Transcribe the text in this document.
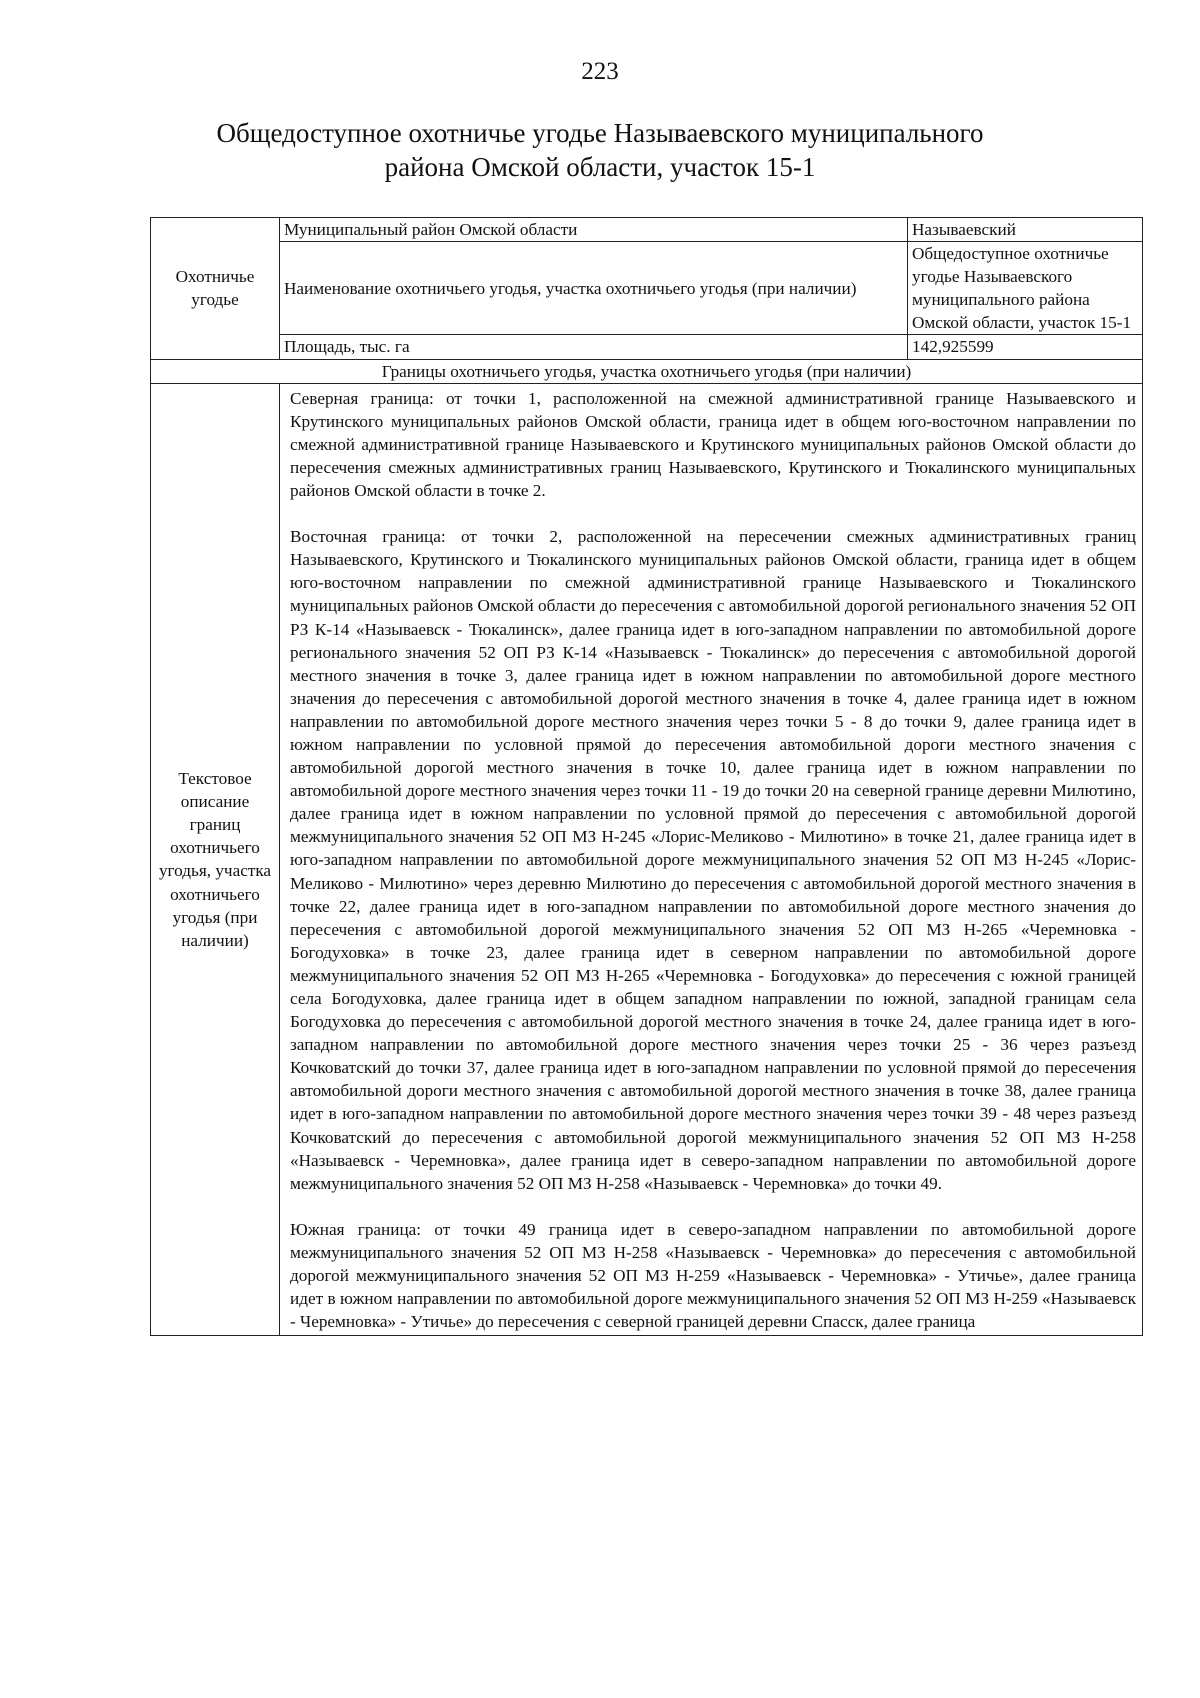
223
Общедоступное охотничье угодье Называевского муниципального
района Омской области, участок 15-1
Охотничье угодье	Муниципальный район Омской области	Называевский
	Наименование охотничьего угодья, участка охотничьего угодья (при наличии)	Общедоступное охотничье угодье Называевского муниципального района Омской области, участок 15-1
	Площадь, тыс. га	142,925599
Границы охотничьего угодья, участка охотничьего угодья (при наличии)		
Текстовое описание границ охотничьего угодья, участка охотничьего угодья (при наличии)	Северная граница: от точки 1, расположенной на смежной административной границе Называевского и Крутинского муниципальных районов Омской области, граница идет в общем юго-восточном направлении по смежной административной границе Называевского и Крутинского муниципальных районов Омской области до пересечения смежных административных границ Называевского, Крутинского и Тюкалинского муниципальных районов Омской области в точке 2.

Восточная граница: от точки 2, расположенной на пересечении смежных административных границ Называевского, Крутинского и Тюкалинского муниципальных районов Омской области, граница идет в общем юго-восточном направлении по смежной административной границе Называевского и Тюкалинского муниципальных районов Омской области до пересечения с автомобильной дорогой регионального значения 52 ОП РЗ К-14 «Называевск - Тюкалинск», далее граница идет в юго-западном направлении по автомобильной дороге регионального значения 52 ОП РЗ К-14 «Называевск - Тюкалинск» до пересечения с автомобильной дорогой местного значения в точке 3, далее граница идет в южном направлении по автомобильной дороге местного значения до пересечения с автомобильной дорогой местного значения в точке 4, далее граница идет в южном направлении по автомобильной дороге местного значения через точки 5 - 8 до точки 9, далее граница идет в южном направлении по условной прямой до пересечения автомобильной дороги местного значения с автомобильной дорогой местного значения в точке 10, далее граница идет в южном направлении по автомобильной дороге местного значения через точки 11 - 19 до точки 20 на северной границе деревни Милютино, далее граница идет в южном направлении по условной прямой до пересечения с автомобильной дорогой межмуниципального значения 52 ОП МЗ Н-245 «Лорис-Меликово - Милютино» в точке 21, далее граница идет в юго-западном направлении по автомобильной дороге межмуниципального значения 52 ОП МЗ Н-245 «Лорис-Меликово - Милютино» через деревню Милютино до пересечения с автомобильной дорогой местного значения в точке 22, далее граница идет в юго-западном направлении по автомобильной дороге местного значения до пересечения с автомобильной дорогой межмуниципального значения 52 ОП МЗ Н-265 «Черемновка - Богодуховка» в точке 23, далее граница идет в северном направлении по автомобильной дороге межмуниципального значения 52 ОП МЗ Н-265 «Черемновка - Богодуховка» до пересечения с южной границей села Богодуховка, далее граница идет в общем западном направлении по южной, западной границам села Богодуховка до пересечения с автомобильной дорогой местного значения в точке 24, далее граница идет в юго-западном направлении по автомобильной дороге местного значения через точки 25 - 36 через разъезд Кочковатский до точки 37, далее граница идет в юго-западном направлении по условной прямой до пересечения автомобильной дороги местного значения с автомобильной дорогой местного значения в точке 38, далее граница идет в юго-западном направлении по автомобильной дороге местного значения через точки 39 - 48 через разъезд Кочковатский до пересечения с автомобильной дорогой межмуниципального значения 52 ОП МЗ Н-258 «Называевск - Черемновка», далее граница идет в северо-западном направлении по автомобильной дороге межмуниципального значения 52 ОП МЗ Н-258 «Называевск - Черемновка» до точки 49.

Южная граница: от точки 49 граница идет в северо-западном направлении по автомобильной дороге межмуниципального значения 52 ОП МЗ Н-258 «Называевск - Черемновка» до пересечения с автомобильной дорогой межмуниципального значения 52 ОП МЗ Н-259 «Называевск - Черемновка» - Утичье», далее граница идет в южном направлении по автомобильной дороге межмуниципального значения 52 ОП МЗ Н-259 «Называевск - Черемновка» - Утичье» до пересечения с северной границей деревни Спасск, далее граница	
